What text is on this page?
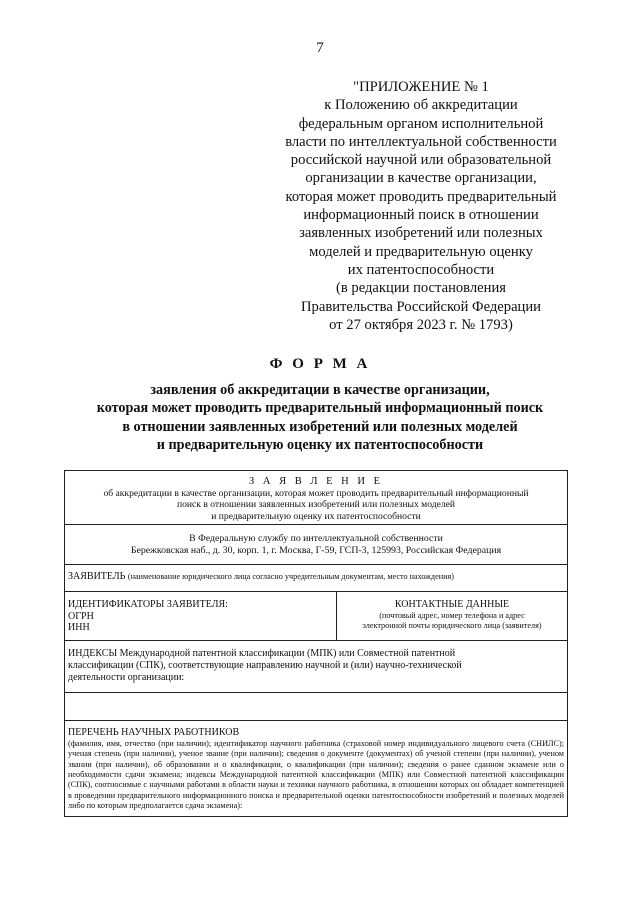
7
"ПРИЛОЖЕНИЕ № 1
к Положению об аккредитации
федеральным органом исполнительной
власти по интеллектуальной собственности
российской научной или образовательной
организации в качестве организации,
которая может проводить предварительный
информационный поиск в отношении
заявленных изобретений или полезных
моделей и предварительную оценку
их патентоспособности
(в редакции постановления
Правительства Российской Федерации
от 27 октября 2023 г. № 1793)
Ф О Р М А
заявления об аккредитации в качестве организации,
которая может проводить предварительный информационный поиск
в отношении заявленных изобретений или полезных моделей
и предварительную оценку их патентоспособности
З А Я В Л Е Н И Е
об аккредитации в качестве организации, которая может проводить предварительный информационный
поиск в отношении заявленных изобретений или полезных моделей
и предварительную оценку их патентоспособности
В Федеральную службу по интеллектуальной собственности
Бережковская наб., д. 30, корп. 1, г. Москва, Г-59, ГСП-3, 125993, Российская Федерация
ЗАЯВИТЕЛЬ (наименование юридического лица согласно учредительным документам, место нахождения)
ИДЕНТИФИКАТОРЫ ЗАЯВИТЕЛЯ:
ОГРН
ИНН
КОНТАКТНЫЕ ДАННЫЕ
(почтовый адрес, номер телефона и адрес
электронной почты юридического лица (заявителя)
ИНДЕКСЫ Международной патентной классификации (МПК) или Совместной патентной
классификации (СПК), соответствующие направлению научной и (или) научно-технической
деятельности организации:
ПЕРЕЧЕНЬ НАУЧНЫХ РАБОТНИКОВ
(фамилия, имя, отчество (при наличии); идентификатор научного работника (страховой номер индивидуального лицевого счета (СНИЛС); ученая степень (при наличии), ученое звание (при наличии); сведения о документе (документах) об ученой степени (при наличии), ученом звании (при наличии), об образовании и о квалификации, о квалификации (при наличии); сведения о ранее сданном экзамене или о необходимости сдачи экзамена; индексы Международной патентной классификации (МПК) или Совместной патентной классификации (СПК), соотносимые с научными работами в области науки и техники научного работника, в отношении которых он обладает компетенцией в проведении предварительного информационного поиска и предварительной оценки патентоспособности изобретений и полезных моделей либо по которым предполагается сдача экзамена):
